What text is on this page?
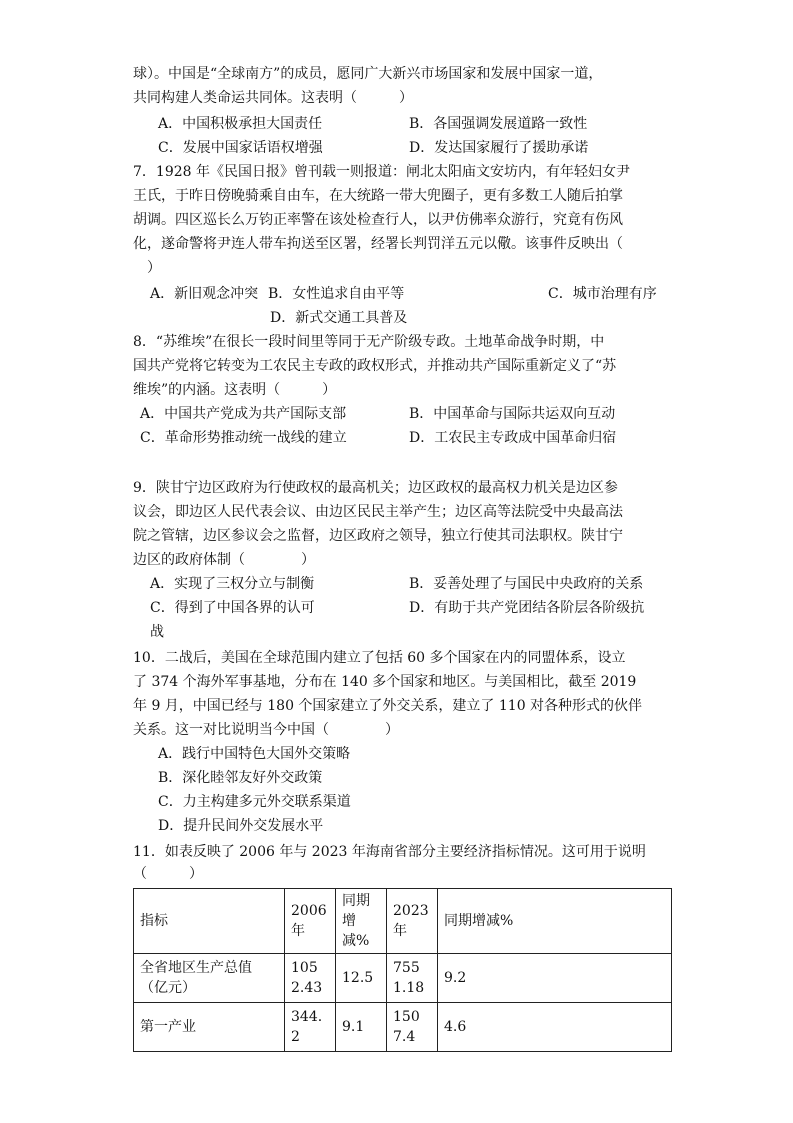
球）。中国是“全球南方”的成员，愿同广大新兴市场国家和发展中国家一道，
共同构建人类命运共同体。这表明（　　　）
A．中国积极承担大国责任	B．各国强调发展道路一致性
C．发展中国家话语权增强	D．发达国家履行了援助承诺
7．1928 年《民国日报》曾刊载一则报道：闸北太阳庙文安坊内，有年轻妇女尹
王氏，于昨日傍晚骑乘自由车，在大统路一带大兜圈子，更有多数工人随后拍掌
胡调。四区巡长么万钧正率警在该处检查行人，以尹仿佛率众游行，究竟有伤风
化，遂命警将尹连人带车拘送至区署，经署长判罚洋五元以儆。该事件反映出（
　）
A．新旧观念冲突 B．女性追求自由平等	C．城市治理有序
D．新式交通工具普及
8．“苏维埃”在很长一段时间里等同于无产阶级专政。土地革命战争时期，中
国共产党将它转变为工农民主专政的政权形式，并推动共产国际重新定义了“苏
维埃”的内涵。这表明（　　　）
A．中国共产党成为共产国际支部	B．中国革命与国际共运双向互动
C．革命形势推动统一战线的建立	D．工农民主专政成中国革命归宿
9．陕甘宁边区政府为行使政权的最高机关；边区政权的最高权力机关是边区参
议会，即边区人民代表会议、由边区民民主举产生；边区高等法院受中央最高法
院之管辖，边区参议会之监督，边区政府之领导，独立行使其司法职权。陕甘宁
边区的政府体制（　　　　）
A．实现了三权分立与制衡	B．妥善处理了与国民中央政府的关系
C．得到了中国各界的认可	D．有助于共产党团结各阶层各阶级抗
战
10．二战后，美国在全球范围内建立了包括 60 多个国家在内的同盟体系，设立
了 374 个海外军事基地，分布在 140 多个国家和地区。与美国相比，截至 2019
年 9 月，中国已经与 180 个国家建立了外交关系，建立了 110 对各种形式的伙伴
关系。这一对比说明当今中国（　　　　）
A．践行中国特色大国外交策略
B．深化睦邻友好外交政策
C．力主构建多元外交联系渠道
D．提升民间外交发展水平
11．如表反映了 2006 年与 2023 年海南省部分主要经济指标情况。这可用于说明
（　　　）
指标	2006年	同期增减%	2023年	同期增减%
全省地区生产总值（亿元）	1052.43	12.5	7551.18	9.2
第一产业	344.2	9.1	1507.4	4.6
